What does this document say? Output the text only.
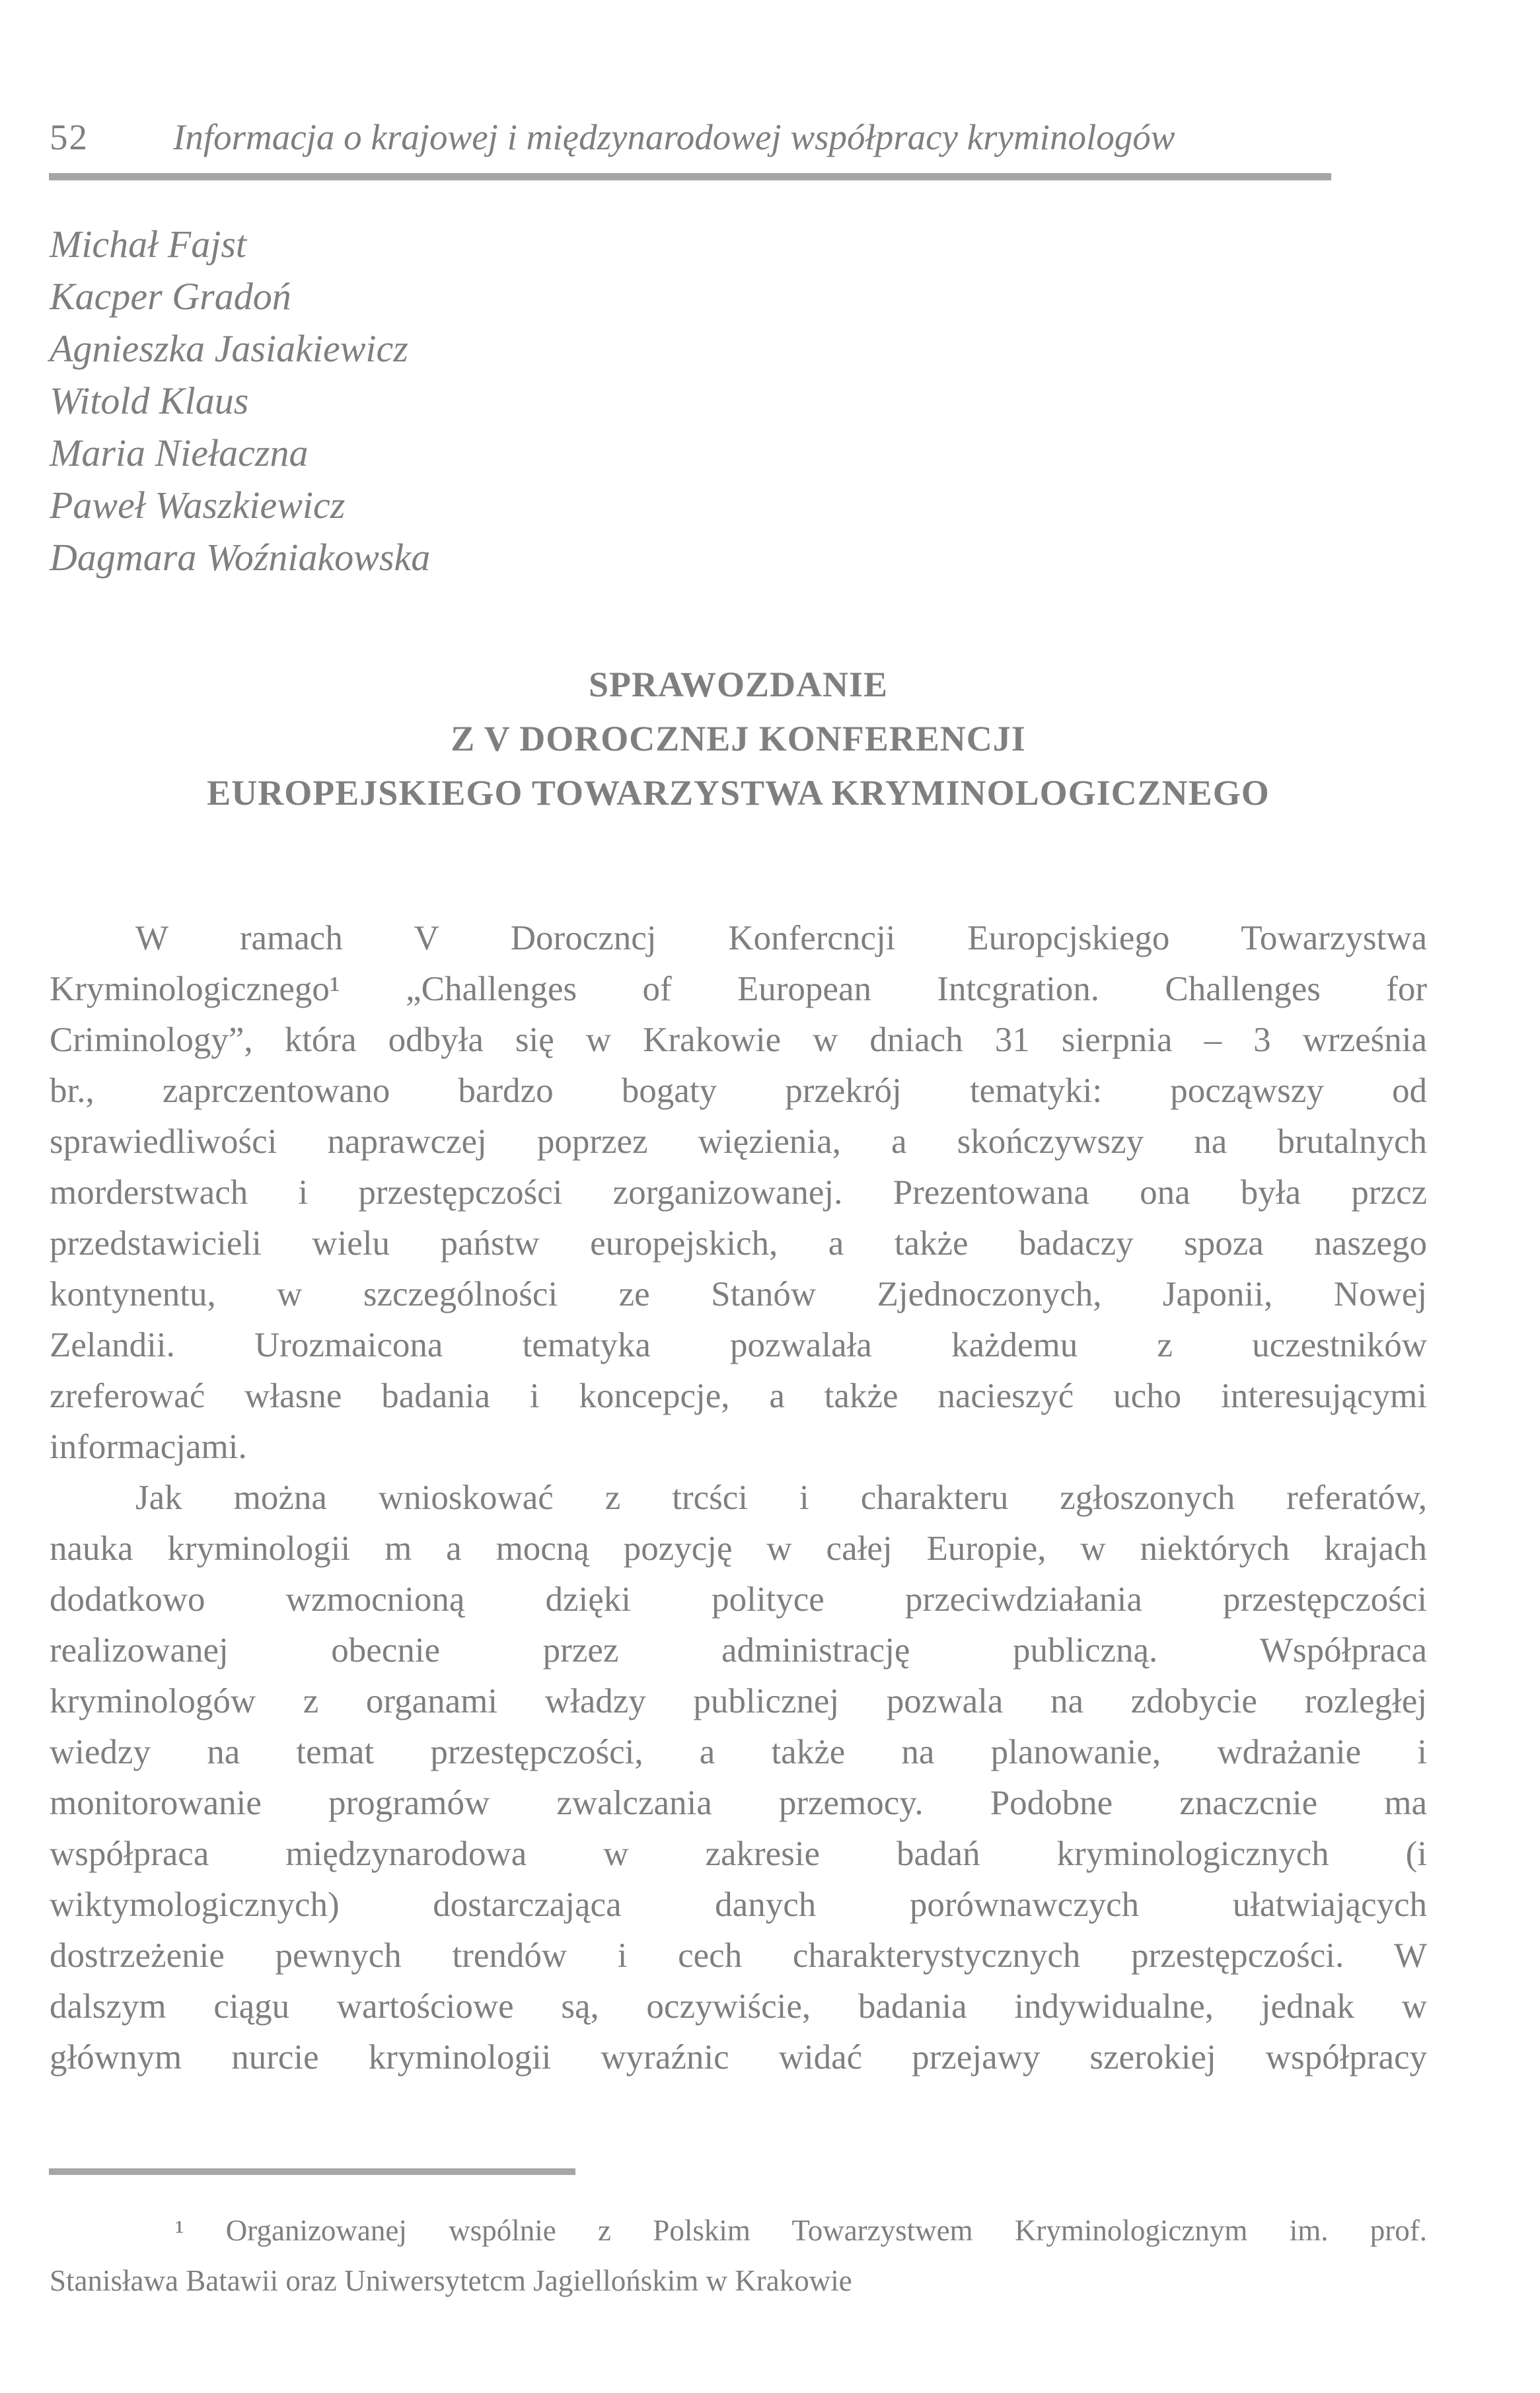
52 Informacja o krajowej i międzynarodowej współpracy kryminologów
Michał Fajst
Kacper Gradoń
Agnieszka Jasiakiewicz
Witold Klaus
Maria Niełaczna
Paweł Waszkiewicz
Dagmara Woźniakowska
SPRAWOZDANIE
Z V DOROCZNEJ KONFERENCJI
EUROPEJSKIEGO TOWARZYSTWA KRYMINOLOGICZNEGO
W ramach V Doroczncj Konfercncji Europcjskiego Towarzystwa
Kryminologicznego¹ „Challenges of European Intcgration. Challenges for
Criminology”, która odbyła się w Krakowie w dniach 31 sierpnia – 3 września
br., zaprczentowano bardzo bogaty przekrój tematyki: począwszy od
sprawiedliwości naprawczej poprzez więzienia, a skończywszy na brutalnych
morderstwach i przestępczości zorganizowanej. Prezentowana ona była przcz
przedstawicieli wielu państw europejskich, a także badaczy spoza naszego
kontynentu, w szczególności ze Stanów Zjednoczonych, Japonii, Nowej
Zelandii. Urozmaicona tematyka pozwalała każdemu z uczestników
zreferować własne badania i koncepcje, a także nacieszyć ucho interesującymi
informacjami.
Jak można wnioskować z trcści i charakteru zgłoszonych referatów,
nauka kryminologii m a mocną pozycję w całej Europie, w niektórych krajach
dodatkowo wzmocnioną dzięki polityce przeciwdziałania przestępczości
realizowanej obecnie przez administrację publiczną. Współpraca
kryminologów z organami władzy publicznej pozwala na zdobycie rozległej
wiedzy na temat przestępczości, a także na planowanie, wdrażanie i
monitorowanie programów zwalczania przemocy. Podobne znaczcnie ma
współpraca międzynarodowa w zakresie badań kryminologicznych (i
wiktymologicznych) dostarczająca danych porównawczych ułatwiających
dostrzeżenie pewnych trendów i cech charakterystycznych przestępczości. W
dalszym ciągu wartościowe są, oczywiście, badania indywidualne, jednak w
głównym nurcie kryminologii wyraźnic widać przejawy szerokiej współpracy
¹ Organizowanej wspólnie z Polskim Towarzystwem Kryminologicznym im. prof.
Stanisława Batawii oraz Uniwersytetcm Jagiellońskim w Krakowie
